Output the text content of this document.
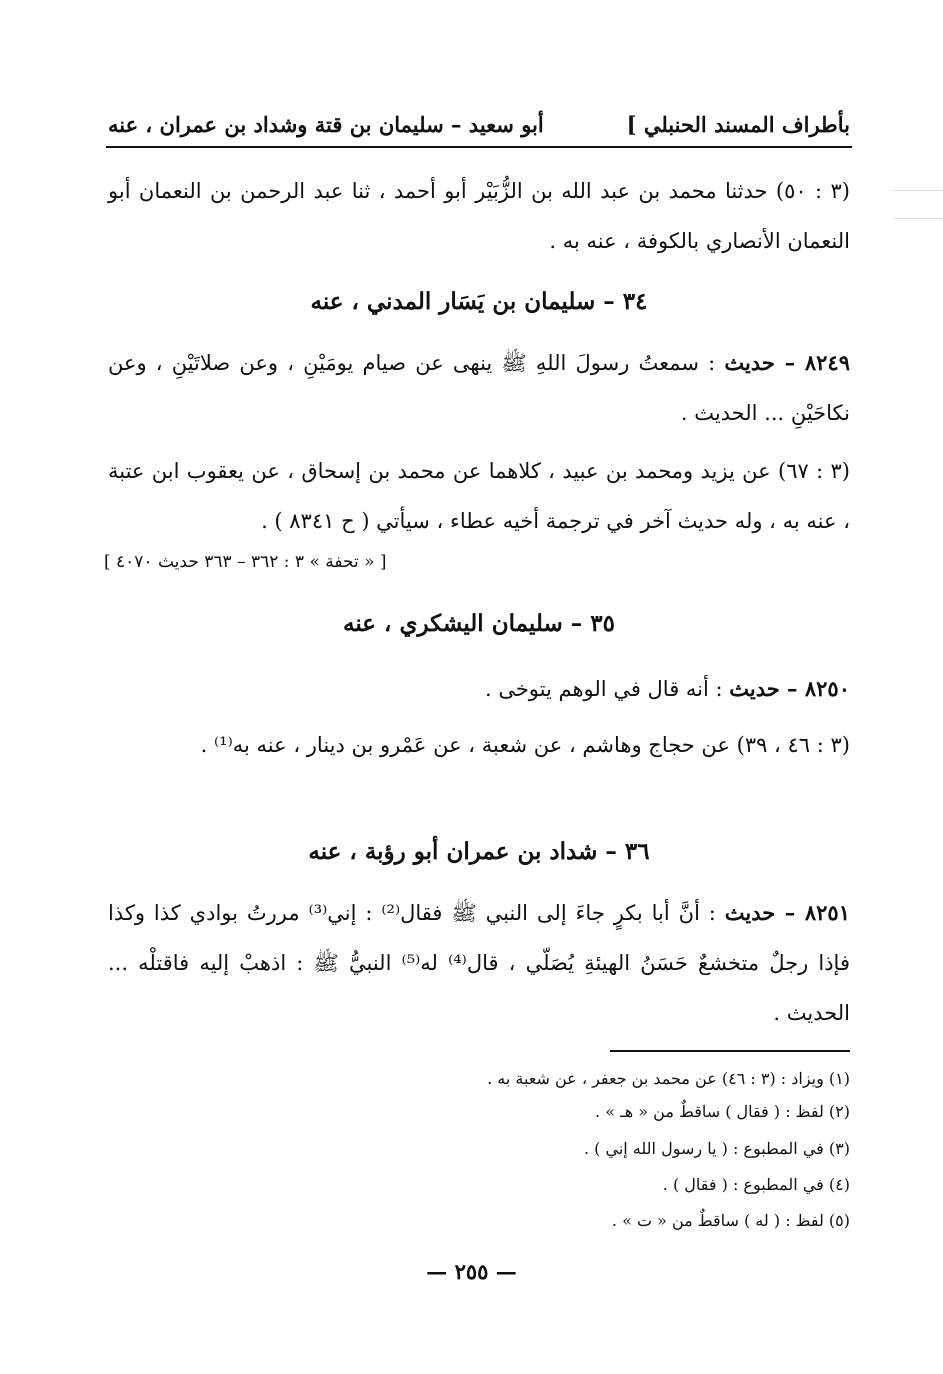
بأطراف المسند الحنبلي ]
أبو سعيد – سليمان بن قتة وشداد بن عمران ، عنه
(٣ : ٥٠) حدثنا محمد بن عبد الله بن الزُّبَيْر أبو أحمد ، ثنا عبد الرحمن بن النعمان أبو النعمان الأنصاري بالكوفة ، عنه به .
٣٤ – سليمان بن يَسَار المدني ، عنه
٨٢٤٩ – حديث : سمعتُ رسولَ اللهِ ﷺ ينهى عن صيام يومَيْنِ ، وعن صلاتَيْنِ ، وعن نكاحَيْنِ ... الحديث .
(٣ : ٦٧) عن يزيد ومحمد بن عبيد ، كلاهما عن محمد بن إسحاق ، عن يعقوب ابن عتبة ، عنه به ، وله حديث آخر في ترجمة أخيه عطاء ، سيأتي ( ح ٨٣٤١ ) .
[ « تحفة » ٣ : ٣٦٢ – ٣٦٣ حديث ٤٠٧٠ ]
٣٥ – سليمان اليشكري ، عنه
٨٢٥٠ – حديث : أنه قال في الوهم يتوخى .
(٣ : ٤٦ ، ٣٩) عن حجاج وهاشم ، عن شعبة ، عن عَمْرو بن دينار ، عنه به⁽¹⁾ .
٣٦ – شداد بن عمران أبو رؤبة ، عنه
٨٢٥١ – حديث : أنَّ أبا بكرٍ جاءَ إلى النبي ﷺ فقال⁽²⁾ : إني⁽³⁾ مررتُ بوادي كذا وكذا فإذا رجلٌ متخشعٌ حَسَنُ الهيئةِ يُصَلّي ، قال⁽⁴⁾ له⁽⁵⁾ النبيُّ ﷺ : اذهبْ إليه فاقتلْه ... الحديث .
(١) ويزاد : (٣ : ٤٦) عن محمد بن جعفر ، عن شعبة به .
(٢) لفظ : ( فقال ) ساقطٌ من « هـ » .
(٣) في المطبوع : ( يا رسول الله إني ) .
(٤) في المطبوع : ( فقال ) .
(٥) لفظ : ( له ) ساقطٌ من « ت » .
— ٢٥٥ —
